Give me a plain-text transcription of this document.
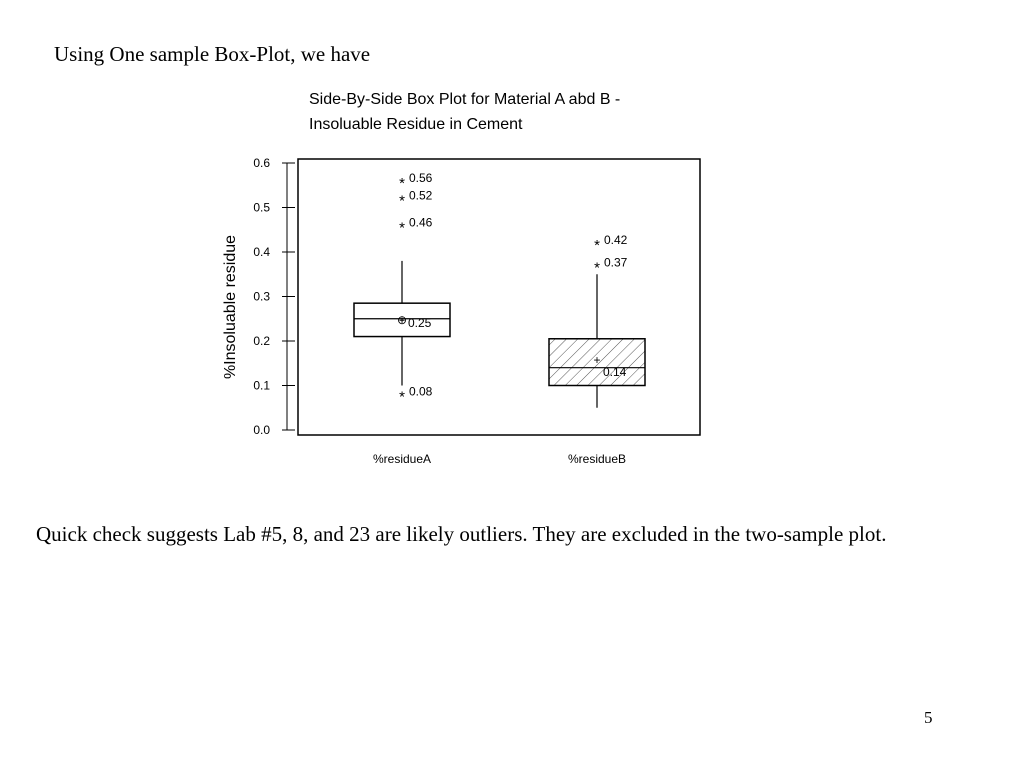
Using One sample Box-Plot, we have
Side-By-Side Box Plot for Material A abd B -
Insoluable Residue in Cement
0.0
0.1
0.2
0.3
0.4
0.5
0.6
%Insoluable residue
%residueA	%residueB
⊕ 0.25
* 0.56
* 0.52
* 0.46
* 0.08
+
0.14
* 0.42
* 0.37
Quick check suggests Lab #5, 8, and 23 are likely outliers. They are excluded in the two-sample plot.
5
